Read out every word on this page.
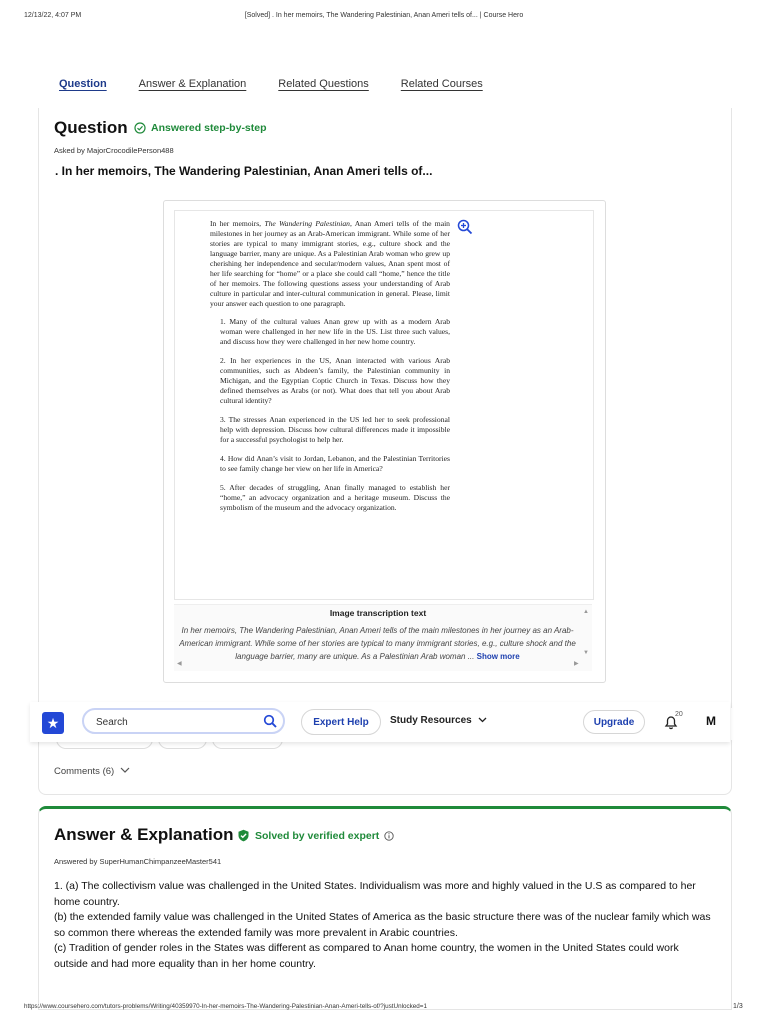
12/13/22, 4:07 PM	[Solved] . In her memoirs, The Wandering Palestinian, Anan Ameri tells of... | Course Hero
Question	Answer & Explanation	Related Questions	Related Courses
Question Answered step-by-step
Asked by MajorCrocodilePerson488
. In her memoirs, The Wandering Palestinian, Anan Ameri tells of...

In her memoirs, The Wandering Palestinian, Anan Ameri tells of the main milestones in her journey as an Arab-American immigrant. While some of her stories are typical to many immigrant stories, e.g., culture shock and the language barrier, many are unique. As a Palestinian Arab woman who grew up cherishing her independence and secular/modern values, Anan spent most of her life searching for “home” or a place she could call “home,” hence the title of her memoirs. The following questions assess your understanding of Arab culture in particular and inter-cultural communication in general. Please, limit your answer each question to one paragraph.

1. Many of the cultural values Anan grew up with as a modern Arab woman were challenged in her new life in the US. List three such values, and discuss how they were challenged in her new home country.
2. In her experiences in the US, Anan interacted with various Arab communities, such as Abdeen’s family, the Palestinian community in Michigan, and the Egyptian Coptic Church in Texas. Discuss how they defined themselves as Arabs (or not). What does that tell you about Arab cultural identity?
3. The stresses Anan experienced in the US led her to seek professional help with depression. Discuss how cultural differences made it impossible for a successful psychologist to help her.
4. How did Anan’s visit to Jordan, Lebanon, and the Palestinian Territories to see family change her view on her life in America?
5. After decades of struggling, Anan finally managed to establish her “home,” an advocacy organization and a heritage museum. Discuss the symbolism of the museum and the advocacy organization.
Image transcription text
In her memoirs, The Wandering Palestinian, Anan Ameri tells of the main milestones in her journey as an Arab-American immigrant. While some of her stories are typical to many immigrant stories, e.g., culture shock and the language barrier, many are unique. As a Palestinian Arab woman ... Show more
▲
▼
◀	▶
Comments (6)
★
Search	Expert Help	Study Resources	Upgrade
20 M
Answer & Explanation Solved by verified expert
Answered by SuperHumanChimpanzeeMaster541

1. (a) The collectivism value was challenged in the United States. Individualism was more and highly valued in the U.S as compared to her home country.

(b) the extended family value was challenged in the United States of America as the basic structure there was of the nuclear family which was so common there whereas the extended family was more prevalent in Arabic countries.

(c) Tradition of gender roles in the States was different as compared to Anan home country, the women in the United States could work outside and had more equality than in her home country.

https://www.coursehero.com/tutors-problems/Writing/40359970-In-her-memoirs-The-Wandering-Palestinian-Anan-Ameri-tells-of/?justUnlocked=1	1/3
